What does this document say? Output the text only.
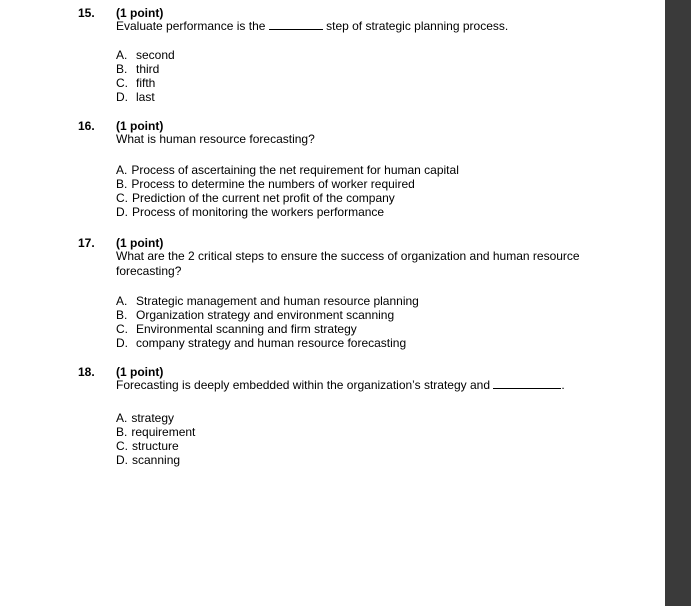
15. (1 point)
Evaluate performance is the	step of strategic planning process.
A. second
B. third
C. fifth
D. last
16. (1 point)
What is human resource forecasting?
A. Process of ascertaining the net requirement for human capital
B. Process to determine the numbers of worker required
C. Prediction of the current net profit of the company
D. Process of monitoring the workers performance
17. (1 point)
What are the 2 critical steps to ensure the success of organization and human resource forecasting?
A. Strategic management and human resource planning
B. Organization strategy and environment scanning
C. Environmental scanning and firm strategy
D. company strategy and human resource forecasting
18. (1 point)
Forecasting is deeply embedded within the organization’s strategy and	.
A. strategy
B. requirement
C. structure
D. scanning
